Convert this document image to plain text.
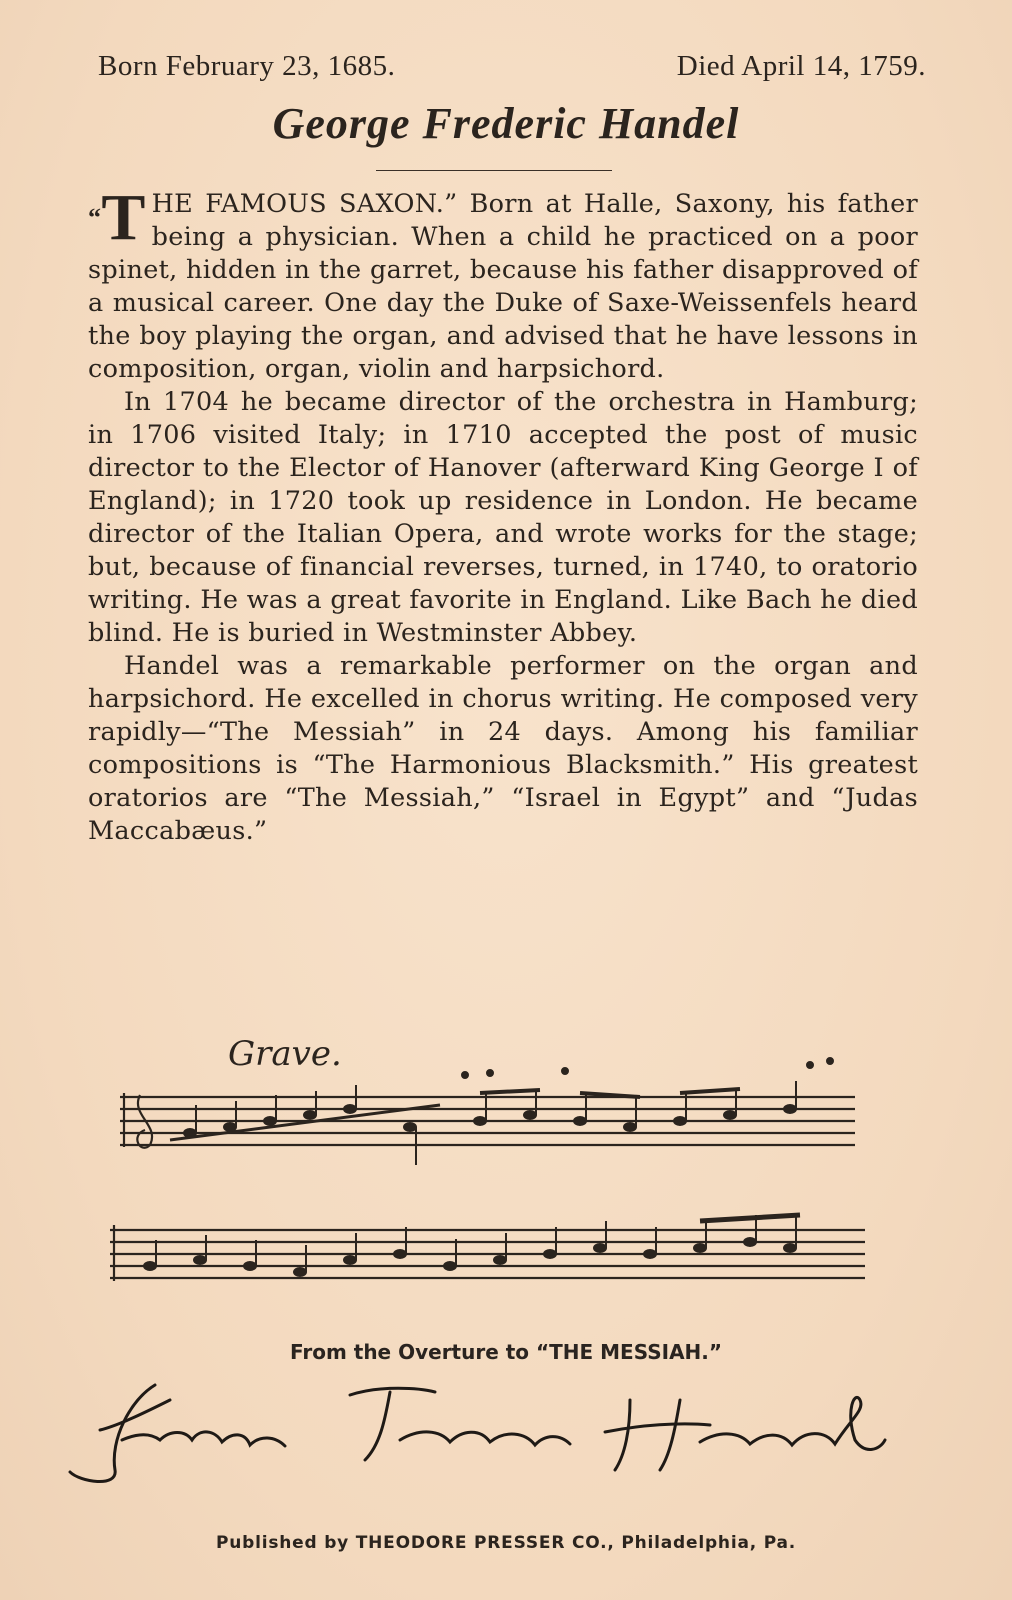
Born February 23, 1685.	Died April 14, 1759.
George Frederic Handel

“T HE FAMOUS SAXON.” Born at Halle, Saxony, his father being a physician. When a child he practiced on a poor spinet, hidden in the garret, because his father disapproved of a musical career. One day the Duke of Saxe-Weissenfels heard the boy playing the organ, and advised that he have lessons in composition, organ, violin and harpsichord.

In 1704 he became director of the orchestra in Hamburg; in 1706 visited Italy; in 1710 accepted the post of music director to the Elector of Hanover (afterward King George I of England); in 1720 took up residence in London. He became director of the Italian Opera, and wrote works for the stage; but, because of financial reverses, turned, in 1740, to oratorio writing. He was a great favorite in England. Like Bach he died blind. He is buried in Westminster Abbey.

Handel was a remarkable performer on the organ and harpsichord. He excelled in chorus writing. He composed very rapidly—“The Messiah” in 24 days. Among his familiar compositions is “The Harmonious Blacksmith.” His greatest oratorios are “The Messiah,” “Israel in Egypt” and “Judas Maccabæus.”

Grave.
From the Overture to “THE MESSIAH.”
George Frideric Handel
Published by THEODORE PRESSER CO., Philadelphia, Pa.
